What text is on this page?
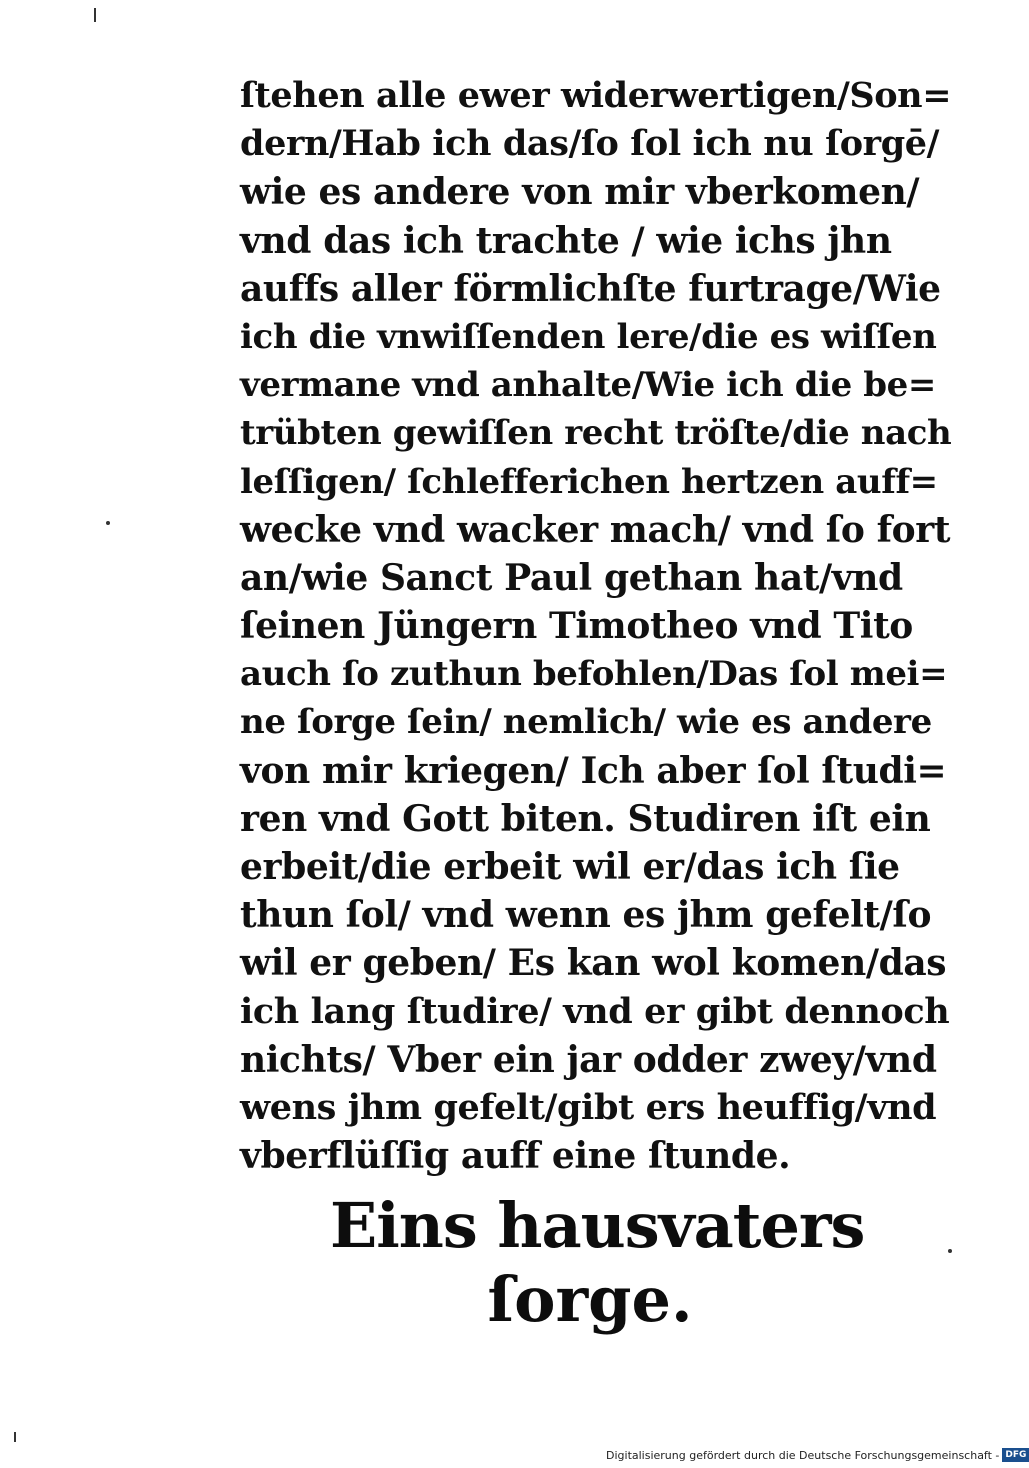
ſtehen alle ewer widerwertigen/Son=
dern/Hab ich das/ſo ſol ich nu ſorgē/
wie es andere von mir vberkomen/
vnd das ich trachte / wie ichs jhn
auffs aller förmlichſte furtrage/Wie
ich die vnwiſſenden lere/die es wiſſen
vermane vnd anhalte/Wie ich die be=
trübten gewiſſen recht tröſte/die nach
leſſigen/ ſchlefferichen hertzen auff=
wecke vnd wacker mach/ vnd ſo fort
an/wie Sanct Paul gethan hat/vnd
ſeinen Jüngern Timotheo vnd Tito
auch ſo zuthun befohlen/Das ſol mei=
ne ſorge ſein/ nemlich/ wie es andere
von mir kriegen/ Ich aber ſol ſtudi=
ren vnd Gott biten. Studiren iſt ein
erbeit/die erbeit wil er/das ich ſie
thun ſol/ vnd wenn es jhm gefelt/ſo
wil er geben/ Es kan wol komen/das
ich lang ſtudire/ vnd er gibt dennoch
nichts/ Vber ein jar odder zwey/vnd
wens jhm gefelt/gibt ers heuffig/vnd
vberflüſſig auff eine ſtunde.
Eins hausvaters
ſorge.
Digitalisierung gefördert durch die Deutsche Forschungsgemeinschaft - DFG
